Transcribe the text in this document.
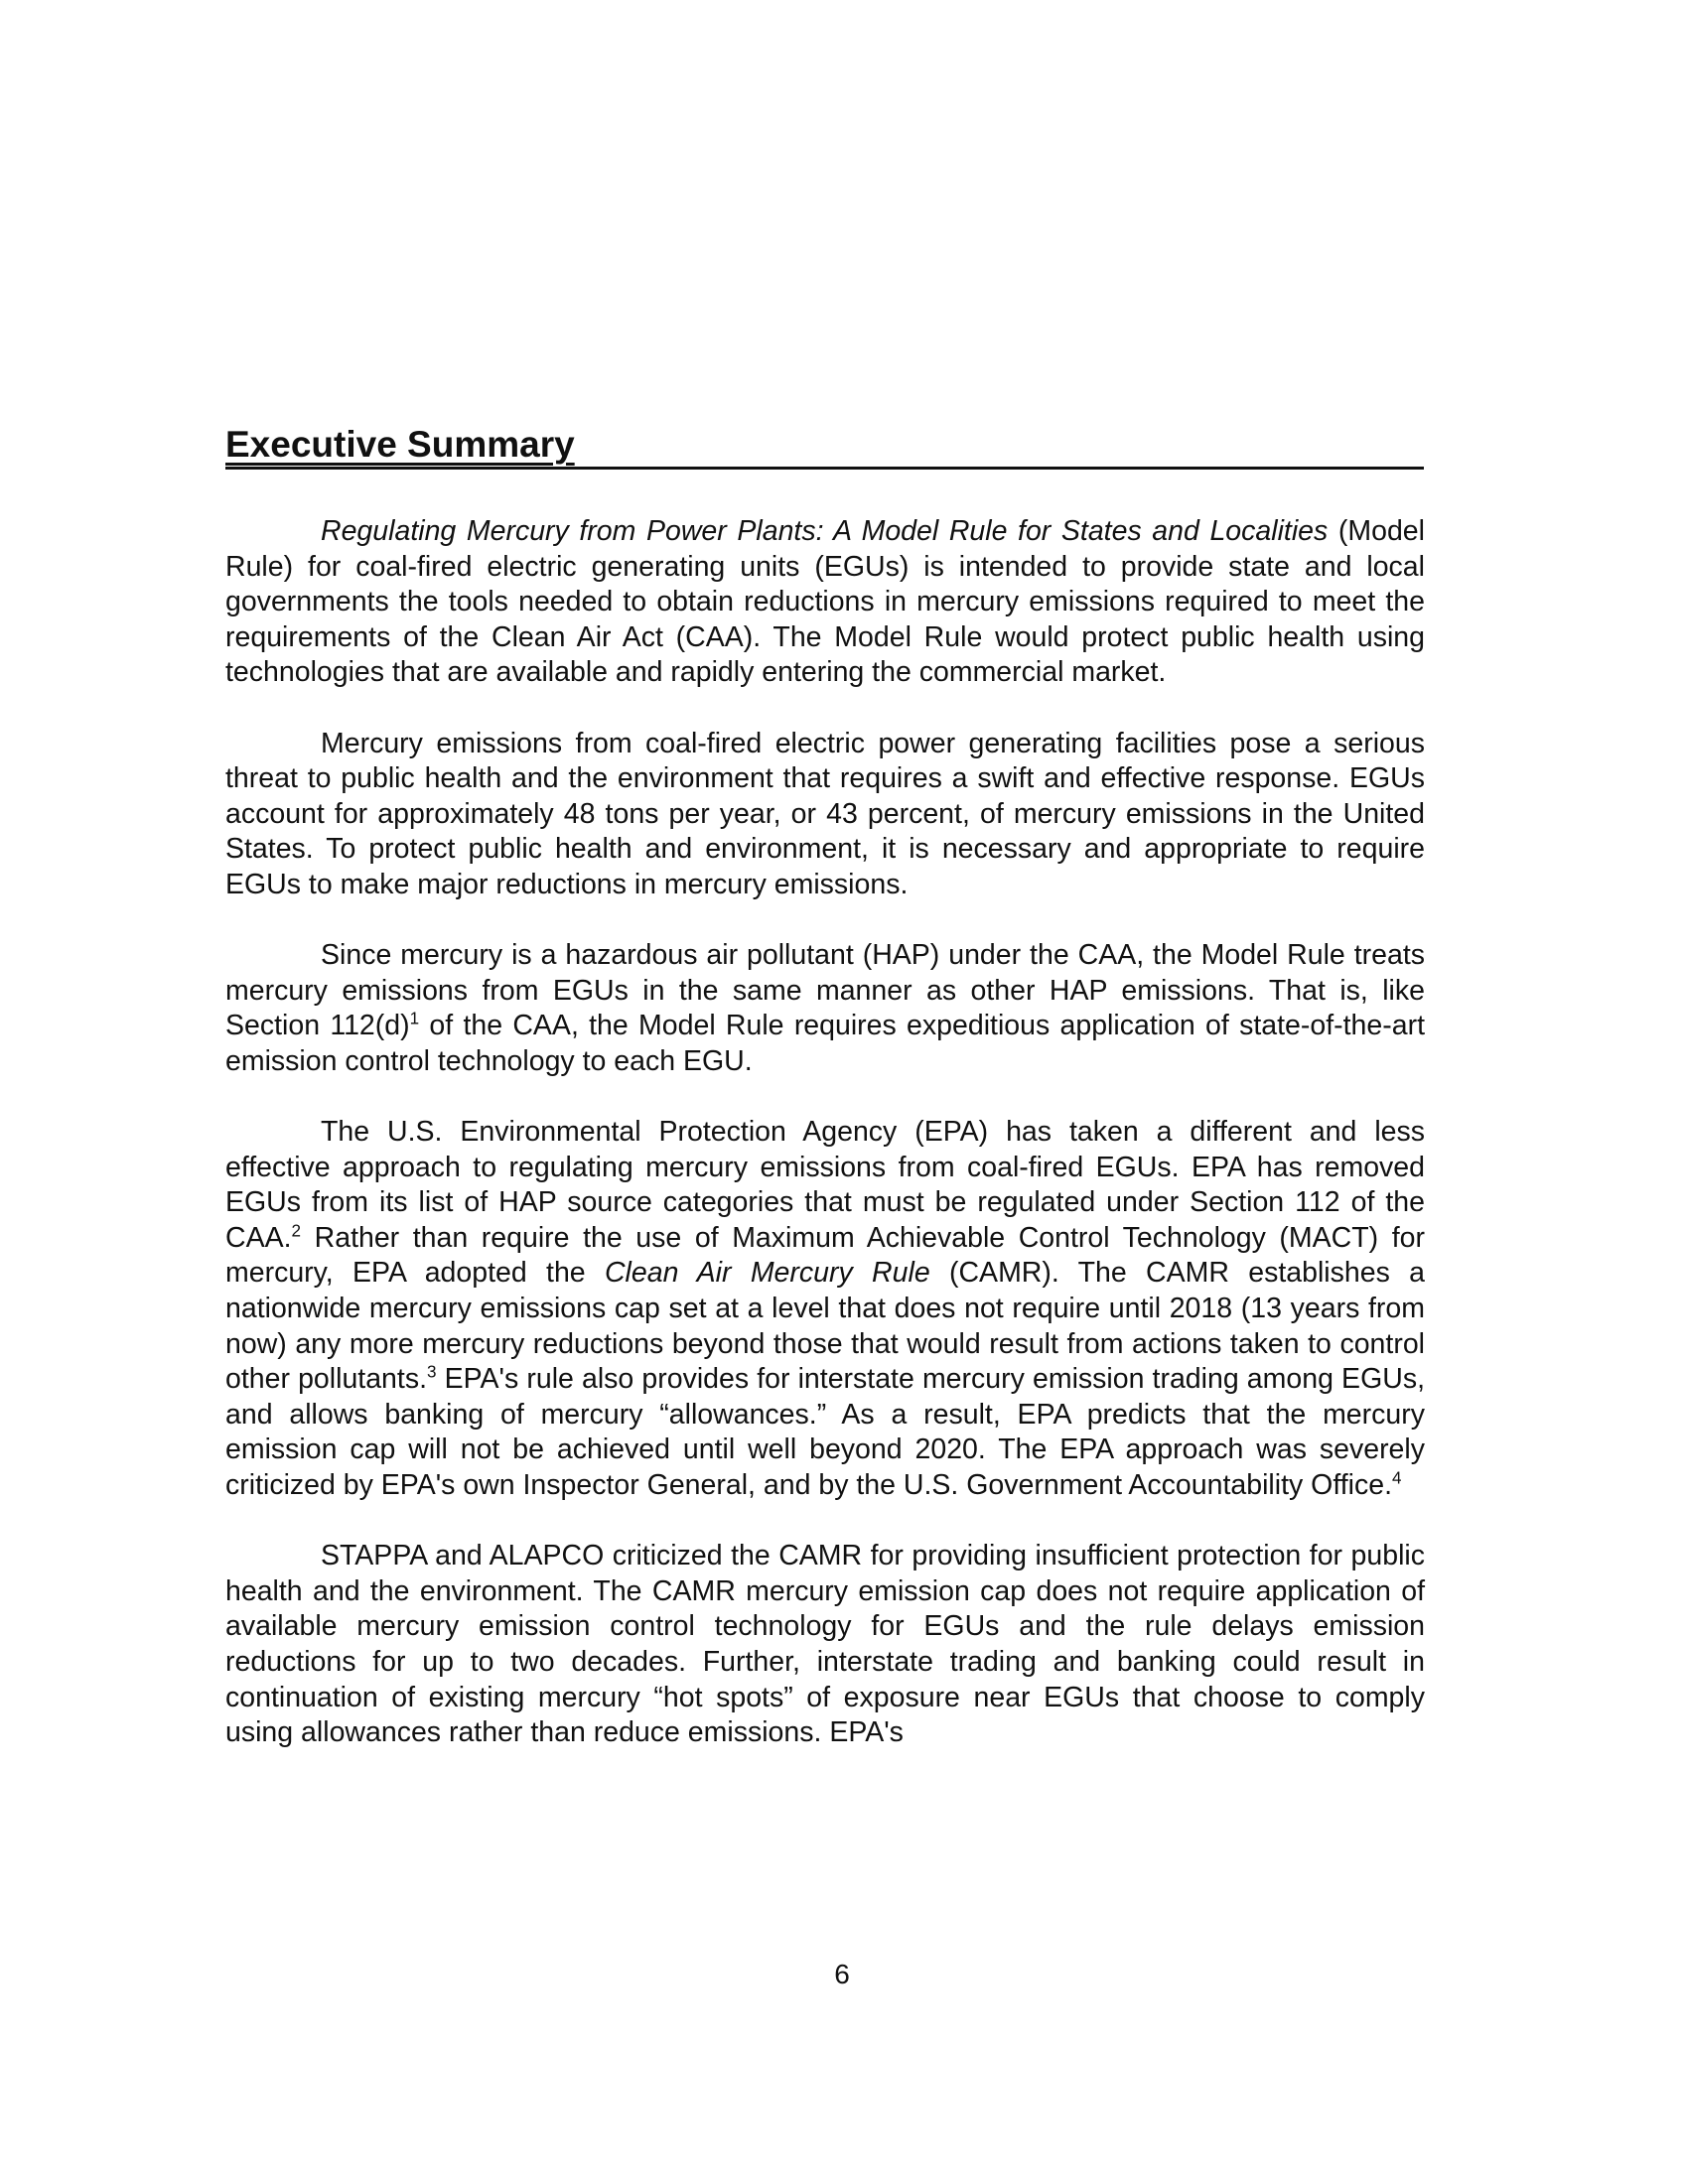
Executive Summary

Regulating Mercury from Power Plants: A Model Rule for States and Localities (Model Rule) for coal-fired electric generating units (EGUs) is intended to provide state and local governments the tools needed to obtain reductions in mercury emissions required to meet the requirements of the Clean Air Act (CAA). The Model Rule would protect public health using technologies that are available and rapidly entering the commercial market.

Mercury emissions from coal-fired electric power generating facilities pose a serious threat to public health and the environment that requires a swift and effective response. EGUs account for approximately 48 tons per year, or 43 percent, of mercury emissions in the United States. To protect public health and environment, it is necessary and appropriate to require EGUs to make major reductions in mercury emissions.

Since mercury is a hazardous air pollutant (HAP) under the CAA, the Model Rule treats mercury emissions from EGUs in the same manner as other HAP emissions. That is, like Section $112(d)^1$ of the CAA, the Model Rule requires expeditious application of state-of-the-art emission control technology to each EGU.

The U.S. Environmental Protection Agency (EPA) has taken a different and less effective approach to regulating mercury emissions from coal-fired EGUs. EPA has removed EGUs from its list of HAP source categories that must be regulated under Section 112 of the CAA.$^2$ Rather than require the use of Maximum Achievable Control Technology (MACT) for mercury, EPA adopted the Clean Air Mercury Rule (CAMR). The CAMR establishes a nationwide mercury emissions cap set at a level that does not require until 2018 (13 years from now) any more mercury reductions beyond those that would result from actions taken to control other pollutants.$^3$ EPA's rule also provides for interstate mercury emission trading among EGUs, and allows banking of mercury “allowances.” As a result, EPA predicts that the mercury emission cap will not be achieved until well beyond 2020. The EPA approach was severely criticized by EPA's own Inspector General, and by the U.S. Government Accountability Office.$^4$

STAPPA and ALAPCO criticized the CAMR for providing insufficient protection for public health and the environment. The CAMR mercury emission cap does not require application of available mercury emission control technology for EGUs and the rule delays emission reductions for up to two decades. Further, interstate trading and banking could result in continuation of existing mercury “hot spots” of exposure near EGUs that choose to comply using allowances rather than reduce emissions. EPA's

6
